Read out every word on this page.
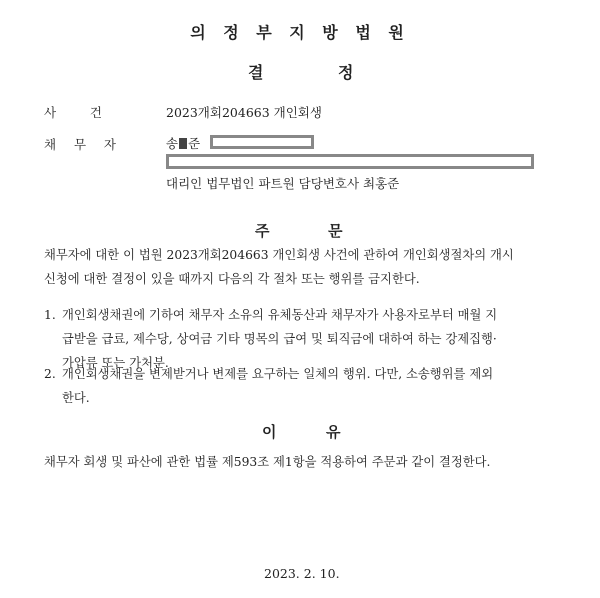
의 정 부 지 방 법 원
결	정
사	건	2023개회204663 개인회생
채 무 자	송 준
대리인 법무법인 파트원 담당변호사 최홍준
주	문
채무자에 대한 이 법원 2023개회204663 개인회생 사건에 관하여 개인회생절차의 개시
신청에 대한 결정이 있을 때까지 다음의 각 절차 또는 행위를 금지한다.
1. 개인회생채권에 기하여 채무자 소유의 유체동산과 채무자가 사용자로부터 매월 지
급받을 급료, 제수당, 상여금 기타 명목의 급여 및 퇴직금에 대하여 하는 강제집행·
가압류 또는 가처분.
2. 개인회생채권을 변제받거나 변제를 요구하는 일체의 행위. 다만, 소송행위를 제외
한다.
이	유
채무자 회생 및 파산에 관한 법률 제593조 제1항을 적용하여 주문과 같이 결정한다.
2023. 2. 10.
